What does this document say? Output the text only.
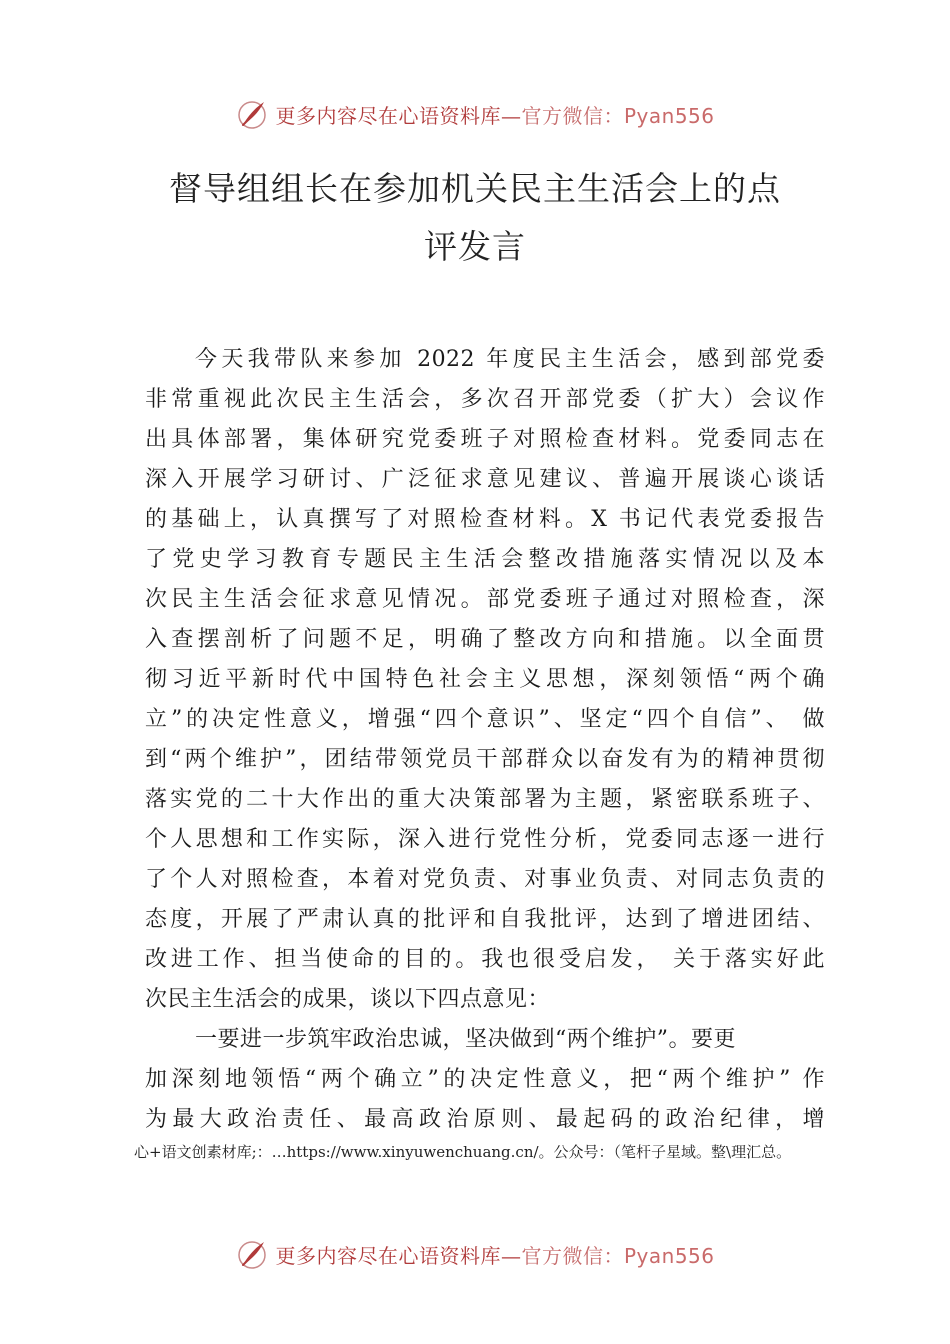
更多内容尽在心语资料库—官方微信：Pyan556
督导组组长在参加机关民主生活会上的点
评发言
今天我带队来参加 2022 年度民主生活会，感到部党委
非常重视此次民主生活会，多次召开部党委（扩大）会议作
出具体部署，集体研究党委班子对照检查材料。党委同志在
深入开展学习研讨、广泛征求意见建议、普遍开展谈心谈话
的基础上，认真撰写了对照检查材料。X 书记代表党委报告
了党史学习教育专题民主生活会整改措施落实情况以及本
次民主生活会征求意见情况。部党委班子通过对照检查，深
入查摆剖析了问题不足，明确了整改方向和措施。以全面贯
彻习近平新时代中国特色社会主义思想，深刻领悟“两个确
立”的决定性意义，增强“四个意识”、坚定“四个自信”、 做
到“两个维护”，团结带领党员干部群众以奋发有为的精神贯彻
落实党的二十大作出的重大决策部署为主题，紧密联系班子、
个人思想和工作实际，深入进行党性分析，党委同志逐一进行
了个人对照检查，本着对党负责、对事业负责、对同志负责的
态度，开展了严肃认真的批评和自我批评，达到了增进团结、
改进工作、担当使命的目的。我也很受启发， 关于落实好此
次民主生活会的成果，谈以下四点意见：
一要进一步筑牢政治忠诚，坚决做到“两个维护”。要更
加深刻地领悟“两个确立”的决定性意义，把“两个维护” 作
为最大政治责任、最高政治原则、最起码的政治纪律，增
心+语文创素材库;：…https://www.xinyuwenchuang.cn/。公众号：（笔杆子星域。整\理汇总。
更多内容尽在心语资料库—官方微信：Pyan556
